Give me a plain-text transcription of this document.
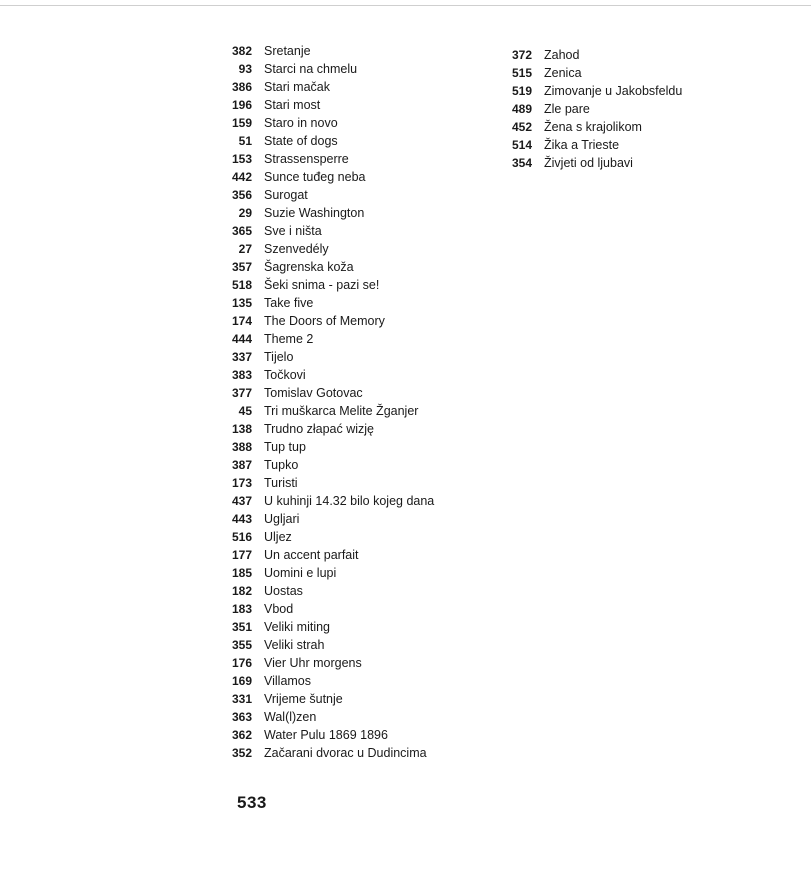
382 Sretanje
93 Starci na chmelu
386 Stari mačak
196 Stari most
159 Staro in novo
51 State of dogs
153 Strassensperre
442 Sunce tuđeg neba
356 Surogat
29 Suzie Washington
365 Sve i ništa
27 Szenvedély
357 Šagrenska koža
518 Šeki snima - pazi se!
135 Take five
174 The Doors of Memory
444 Theme 2
337 Tijelo
383 Točkovi
377 Tomislav Gotovac
45 Tri muškarca Melite Žganjer
138 Trudno złapać wizję
388 Tup tup
387 Tupko
173 Turisti
437 U kuhinji 14.32 bilo kojeg dana
443 Ugljari
516 Uljez
177 Un accent parfait
185 Uomini e lupi
182 Uostas
183 Vbod
351 Veliki miting
355 Veliki strah
176 Vier Uhr morgens
169 Villamos
331 Vrijeme šutnje
363 Wal(l)zen
362 Water Pulu 1869 1896
352 Začarani dvorac u Dudincima
372 Zahod
515 Zenica
519 Zimovanje u Jakobsfeldu
489 Zle pare
452 Žena s krajolikom
514 Žika a Trieste
354 Živjeti od ljubavi
533
